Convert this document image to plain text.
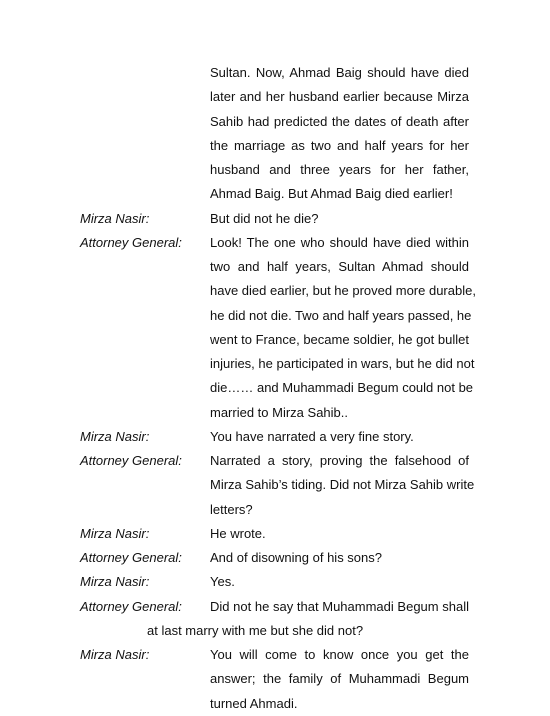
Sultan. Now, Ahmad Baig should have died
later and her husband earlier because Mirza
Sahib had predicted the dates of death after
the marriage as two and half years for her
husband and three years for her father,
Ahmad Baig. But Ahmad Baig died earlier!
Mirza Nasir:	But did not he die?
Attorney General: Look! The one who should have died within
two and half years, Sultan Ahmad should
have died earlier, but he proved more durable,
he did not die. Two and half years passed, he
went to France, became soldier, he got bullet
injuries, he participated in wars, but he did not
die…… and Muhammadi Begum could not be
married to Mirza Sahib..
Mirza Nasir:	You have narrated a very fine story.
Attorney General: Narrated a story, proving the falsehood of
Mirza Sahib’s tiding. Did not Mirza Sahib write
letters?
Mirza Nasir:	He wrote.
Attorney General: And of disowning of his sons?
Mirza Nasir:	Yes.
Attorney General: Did not he say that Muhammadi Begum shall
at last marry with me but she did not?
Mirza Nasir:	You will come to know once you get the
answer; the family of Muhammadi Begum
turned Ahmadi.
